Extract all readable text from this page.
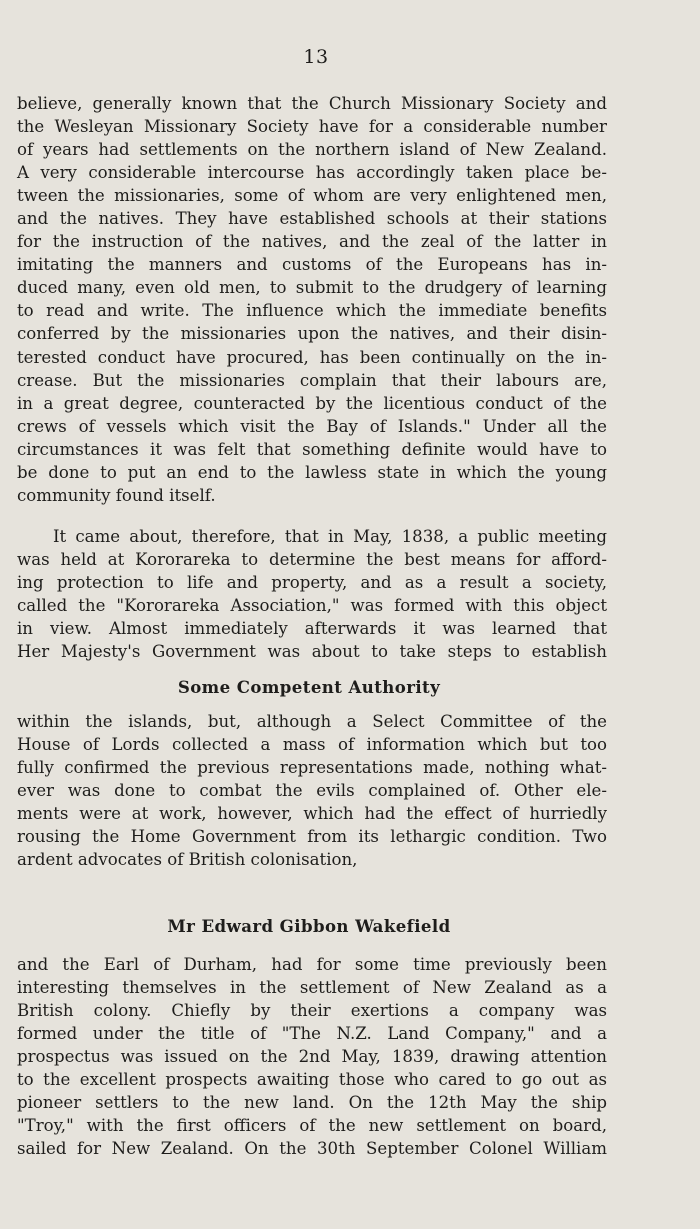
13
believe, generally known that the Church Missionary Society and
the Wesleyan Missionary Society have for a considerable number
of years had settlements on the northern island of New Zealand.
A very considerable intercourse has accordingly taken place be-
tween the missionaries, some of whom are very enlightened men,
and the natives. They have established schools at their stations
for the instruction of the natives, and the zeal of the latter in
imitating the manners and customs of the Europeans has in-
duced many, even old men, to submit to the drudgery of learning
to read and write. The influence which the immediate benefits
conferred by the missionaries upon the natives, and their disin-
terested conduct have procured, has been continually on the in-
crease. But the missionaries complain that their labours are,
in a great degree, counteracted by the licentious conduct of the
crews of vessels which visit the Bay of Islands." Under all the
circumstances it was felt that something definite would have to
be done to put an end to the lawless state in which the young
community found itself.
It came about, therefore, that in May, 1838, a public meeting
was held at Kororareka to determine the best means for afford-
ing protection to life and property, and as a result a society,
called the "Kororareka Association," was formed with this object
in view. Almost immediately afterwards it was learned that
Her Majesty's Government was about to take steps to establish
Some Competent Authority
within the islands, but, although a Select Committee of the
House of Lords collected a mass of information which but too
fully confirmed the previous representations made, nothing what-
ever was done to combat the evils complained of. Other ele-
ments were at work, however, which had the effect of hurriedly
rousing the Home Government from its lethargic condition. Two
ardent advocates of British colonisation,
Mr Edward Gibbon Wakefield
and the Earl of Durham, had for some time previously been
interesting themselves in the settlement of New Zealand as a
British colony. Chiefly by their exertions a company was
formed under the title of "The N.Z. Land Company," and a
prospectus was issued on the 2nd May, 1839, drawing attention
to the excellent prospects awaiting those who cared to go out as
pioneer settlers to the new land. On the 12th May the ship
"Troy," with the first officers of the new settlement on board,
sailed for New Zealand. On the 30th September Colonel William
